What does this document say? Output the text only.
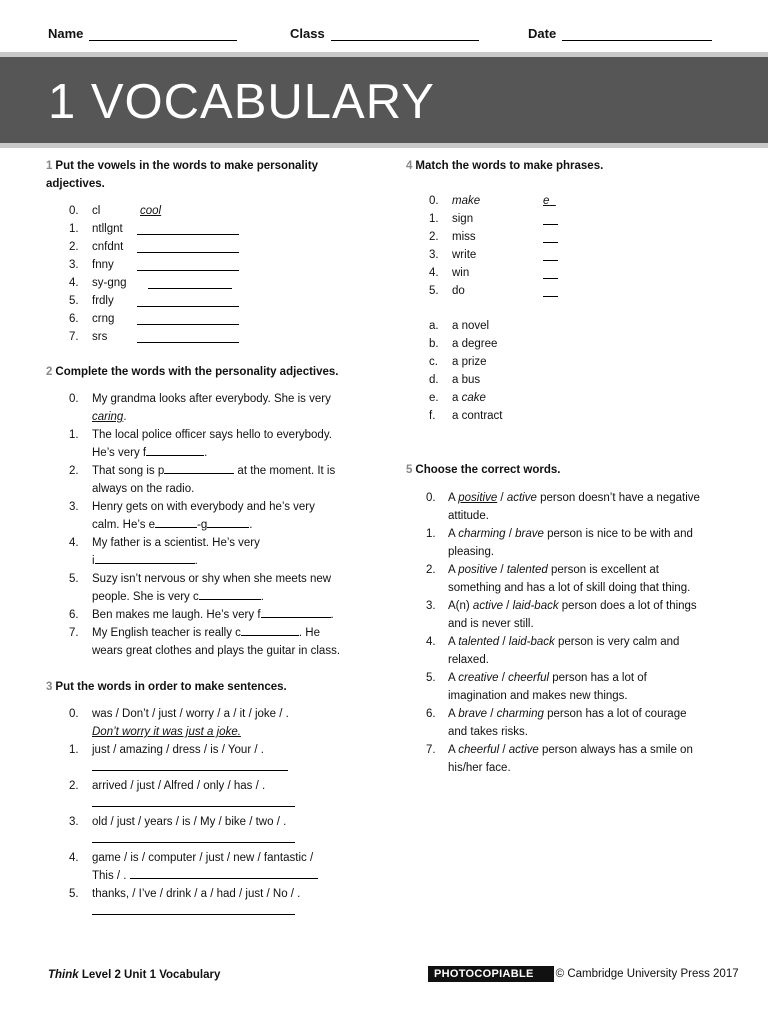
Name	Class	Date
1 VOCABULARY
1 Put the vowels in the words to make personality adjectives.
0. cl	cool
1. ntllgnt
2. cnfdnt
3. fnny
4. sy-gng
5. frdly
6. crng
7. srs
2 Complete the words with the personality adjectives.
0. My grandma looks after everybody. She is very
caring.
1. The local police officer says hello to everybody.
He’s very f	.
2. That song is p	at the moment. It is
always on the radio.
3. Henry gets on with everybody and he’s very
calm. He’s e	-g	.
4. My father is a scientist. He’s very
i	.
5. Suzy isn’t nervous or shy when she meets new
people. She is very c	.
6. Ben makes me laugh. He’s very f	.
7. My English teacher is really c	. He
wears great clothes and plays the guitar in class.
3 Put the words in order to make sentences.
0. was / Don’t / just / worry / a / it / joke / .
Don’t worry it was just a joke.
1. just / amazing / dress / is / Your / .
2. arrived / just / Alfred / only / has / .
3. old / just / years / is / My / bike / two / .
4. game / is / computer / just / new / fantastic /
This / .
5. thanks, / I’ve / drink / a / had / just / No / .
4 Match the words to make phrases.
0. make	e_
1. sign
2. miss
3. write
4. win
5. do
a. a novel
b. a degree
c. a prize
d. a bus
e. a cake
f. a contract
5 Choose the correct words.
0. A positive / active person doesn’t have a negative
attitude.
1. A charming / brave person is nice to be with and
pleasing.
2. A positive / talented person is excellent at
something and has a lot of skill doing that thing.
3. A(n) active / laid-back person does a lot of things
and is never still.
4. A talented / laid-back person is very calm and
relaxed.
5. A creative / cheerful person has a lot of
imagination and makes new things.
6. A brave / charming person has a lot of courage
and takes risks.
7. A cheerful / active person always has a smile on
his/her face.
Think Level 2 Unit 1 Vocabulary	PHOTOCOPIABLE	© Cambridge University Press 2017
